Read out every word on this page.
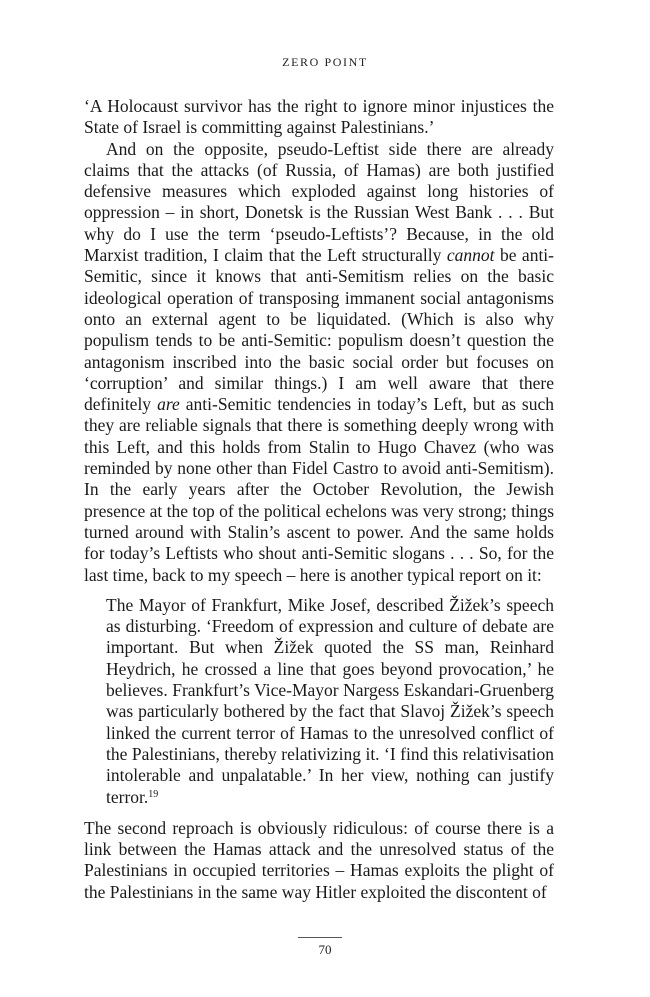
ZERO POINT

‘A Holocaust survivor has the right to ignore minor injustices the State of Israel is committing against Palestinians.’

And on the opposite, pseudo-Leftist side there are already claims that the attacks (of Russia, of Hamas) are both justified defensive measures which exploded against long histories of oppression – in short, Donetsk is the Russian West Bank . . . But why do I use the term ‘pseudo-Leftists’? Because, in the old Marxist tradition, I claim that the Left structurally cannot be anti-Semitic, since it knows that anti-Semitism relies on the basic ideological operation of transposing immanent social antagonisms onto an external agent to be liquidated. (Which is also why populism tends to be anti-Semitic: populism doesn’t question the antagonism inscribed into the basic social order but focuses on ‘corruption’ and similar things.) I am well aware that there definitely are anti-Semitic tendencies in today’s Left, but as such they are reliable signals that there is something deeply wrong with this Left, and this holds from Stalin to Hugo Chavez (who was reminded by none other than Fidel Castro to avoid anti-Semitism). In the early years after the October Revolution, the Jewish presence at the top of the political echelons was very strong; things turned around with Stalin’s ascent to power. And the same holds for today’s Leftists who shout anti-Semitic slogans . . . So, for the last time, back to my speech – here is another typical report on it:

The Mayor of Frankfurt, Mike Josef, described Žižek’s speech as disturbing. ‘Freedom of expression and culture of debate are important. But when Žižek quoted the SS man, Reinhard Heydrich, he crossed a line that goes beyond provocation,’ he believes. Frankfurt’s Vice-Mayor Nargess Eskandari-Gruenberg was particularly bothered by the fact that Slavoj Žižek’s speech linked the current terror of Hamas to the unresolved conflict of the Palestinians, thereby relativizing it. ‘I find this relativisation intolerable and unpalatable.’ In her view, nothing can justify terror.$^{19}$

The second reproach is obviously ridiculous: of course there is a link between the Hamas attack and the unresolved status of the Palestinians in occupied territories – Hamas exploits the plight of the Palestinians in the same way Hitler exploited the discontent of

70
